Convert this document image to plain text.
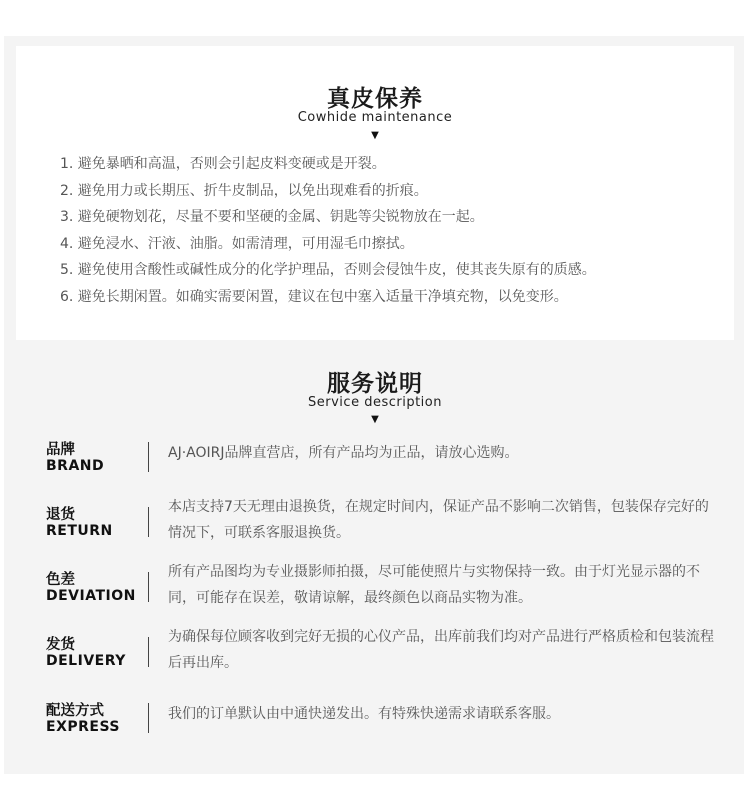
真皮保养
Cowhide maintenance
▼
1. 避免暴晒和高温，否则会引起皮料变硬或是开裂。
2. 避免用力或长期压、折牛皮制品，以免出现难看的折痕。
3. 避免硬物划花，尽量不要和坚硬的金属、钥匙等尖锐物放在一起。
4. 避免浸水、汗液、油脂。如需清理，可用湿毛巾擦拭。
5. 避免使用含酸性或碱性成分的化学护理品，否则会侵蚀牛皮，使其丧失原有的质感。
6. 避免长期闲置。如确实需要闲置，建议在包中塞入适量干净填充物，以免变形。
服务说明
Service description
▼
品牌
BRAND
AJ·AOIRJ品牌直营店，所有产品均为正品，请放心选购。
退货
RETURN
本店支持7天无理由退换货，在规定时间内，保证产品不影响二次销售，包装保存完好的情况下，可联系客服退换货。
色差
DEVIATION
所有产品图均为专业摄影师拍摄，尽可能使照片与实物保持一致。由于灯光显示器的不同，可能存在误差，敬请谅解，最终颜色以商品实物为准。
发货
DELIVERY
为确保每位顾客收到完好无损的心仪产品，出库前我们均对产品进行严格质检和包装流程后再出库。
配送方式
EXPRESS
我们的订单默认由中通快递发出。有特殊快递需求请联系客服。
